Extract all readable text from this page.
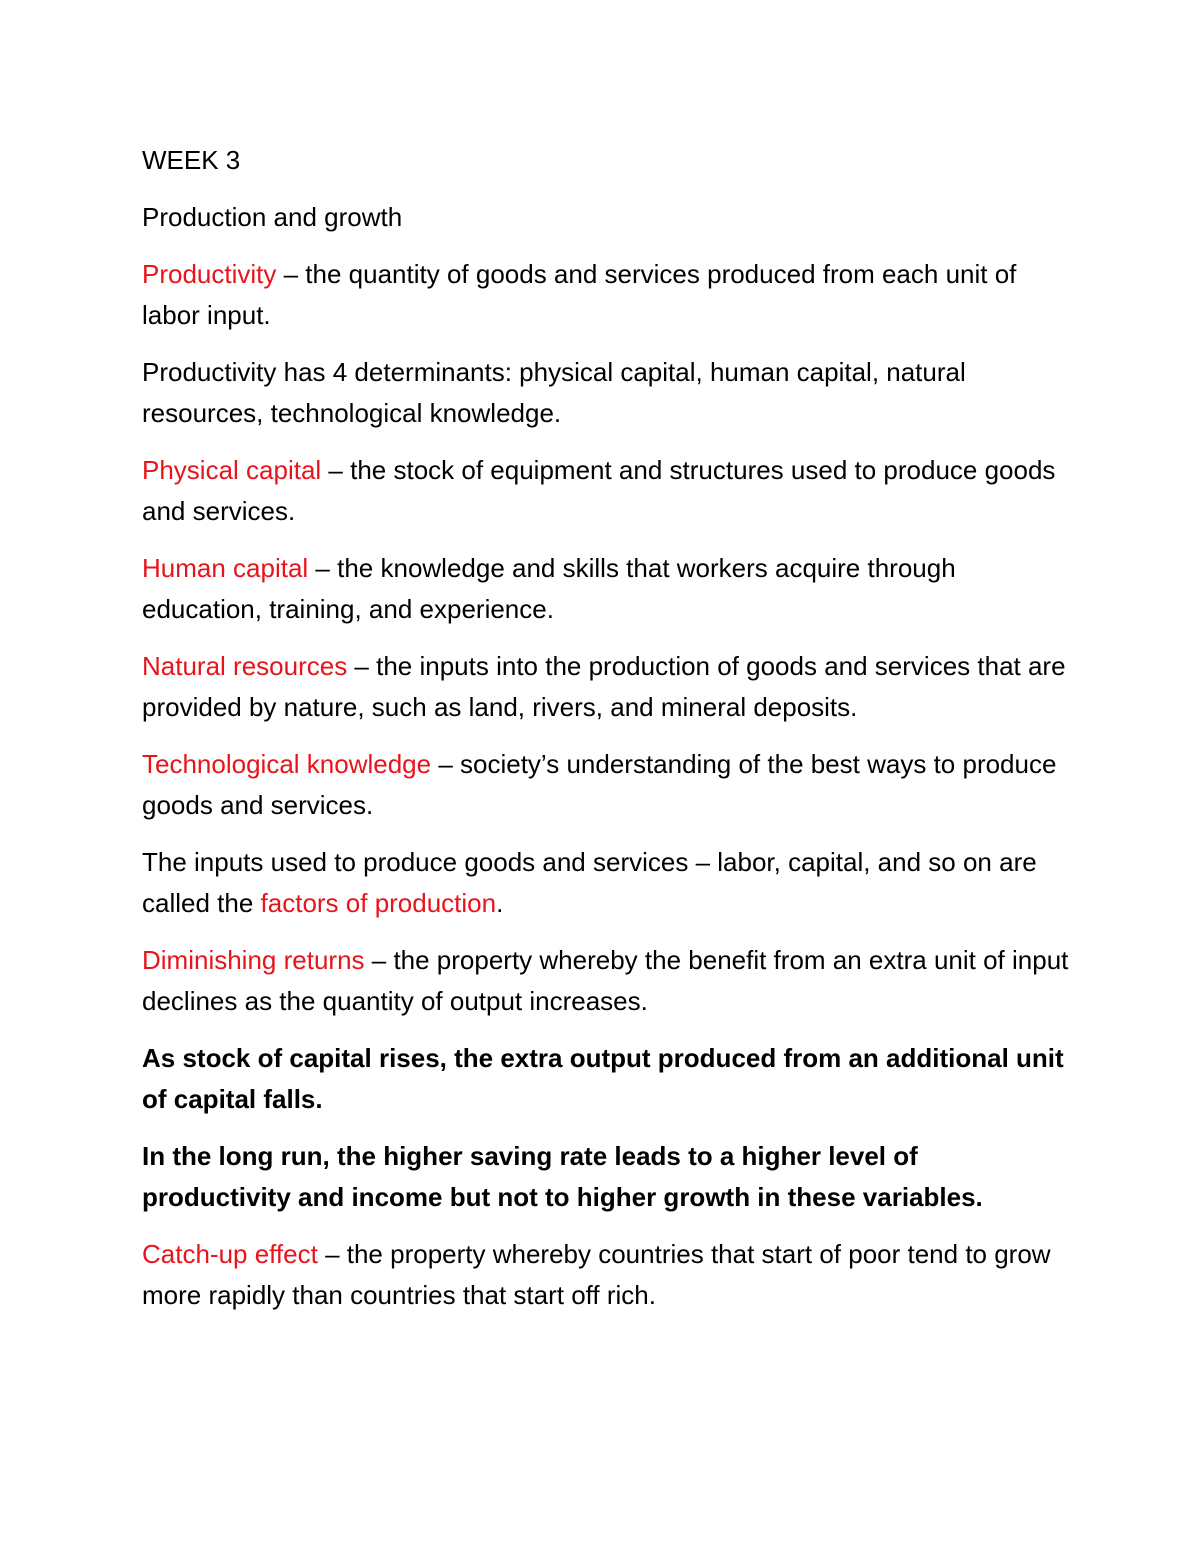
WEEK 3

Production and growth

Productivity – the quantity of goods and services produced from each unit of labor input.

Productivity has 4 determinants: physical capital, human capital, natural resources, technological knowledge.

Physical capital – the stock of equipment and structures used to produce goods and services.

Human capital – the knowledge and skills that workers acquire through education, training, and experience.

Natural resources – the inputs into the production of goods and services that are provided by nature, such as land, rivers, and mineral deposits.

Technological knowledge – society’s understanding of the best ways to produce goods and services.

The inputs used to produce goods and services – labor, capital, and so on are called the factors of production.

Diminishing returns – the property whereby the benefit from an extra unit of input declines as the quantity of output increases.

As stock of capital rises, the extra output produced from an additional unit of capital falls.

In the long run, the higher saving rate leads to a higher level of productivity and income but not to higher growth in these variables.

Catch-up effect – the property whereby countries that start of poor tend to grow more rapidly than countries that start off rich.
